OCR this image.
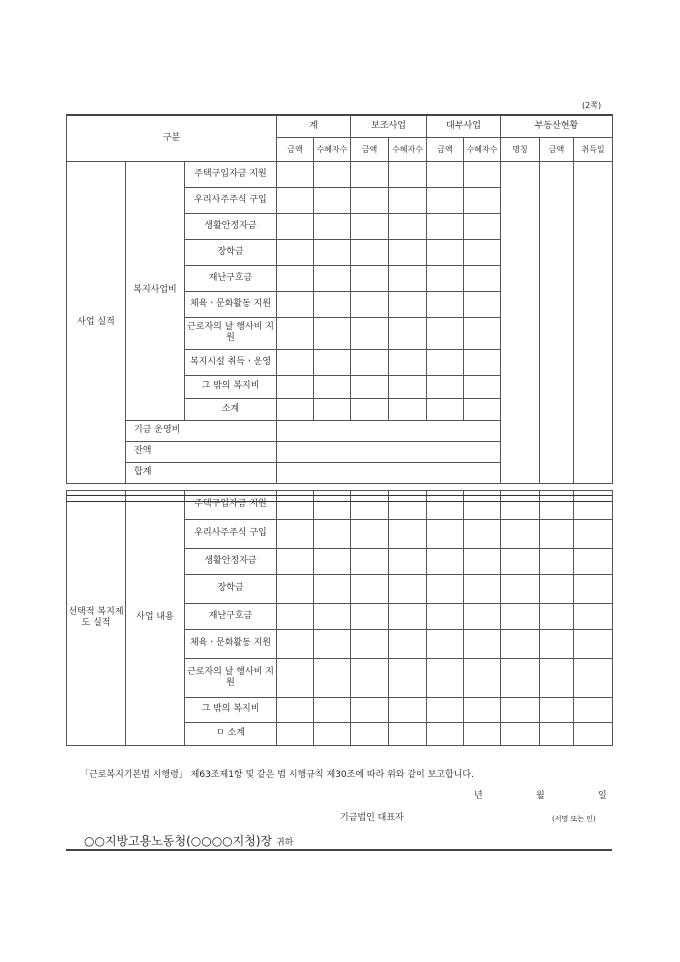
(2쪽)
구분			계		보조사업		대부사업		부동산현황		
			금액	수혜자수	금액	수혜자수	금액	수혜자수	명칭	금액	취득일
사업 실적	복지사업비	주택구입자금 지원									
		우리사주주식 구입									
		생활안정자금									
		장학금									
		재난구호금									
		체육ㆍ문화활동 지원									
		근로자의 날 행사비 지원									
		복지시설 취득ㆍ운영									
		그 밖의 복지비									
		소계									
	기금 운영비										
	잔액										
	합계										

선택적 복지제도 실적	사업 내용	주택구입자금 지원									
		우리사주주식 구입									
		생활안정자금									
		장학금									
		재난구호금									
		체육ㆍ문화활동 지원									
		근로자의 날 행사비 지원									
		그 밖의 복지비									
		ㅁ 소계									
「근로복지기본법 시행령」 제63조제1항 및 같은 법 시행규칙 제30조에 따라 위와 같이 보고합니다.
년	월	일
기금법인 대표자	(서명 또는 인)
○○지방고용노동청(○○○○지청)장 귀하
